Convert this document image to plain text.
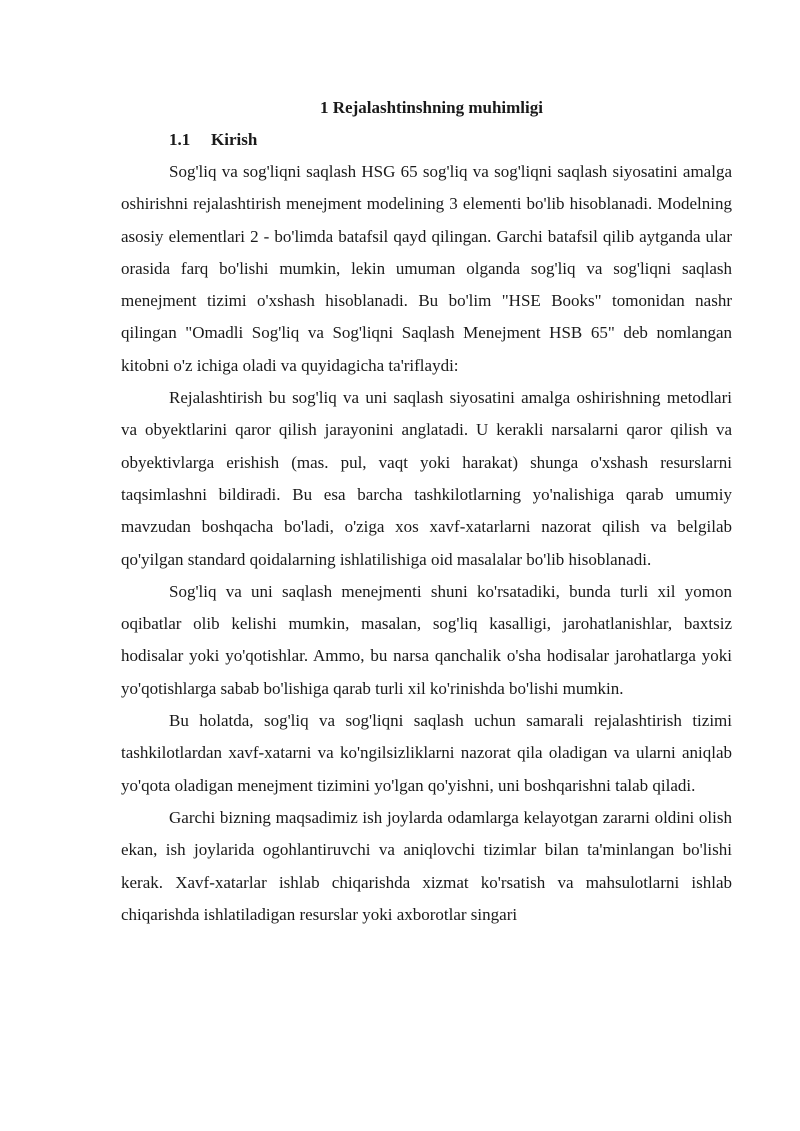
1 Rejalashtinshning muhimligi
1.1 Kirish

Sog'liq va sog'liqni saqlash HSG 65 sog'liq va sog'liqni saqlash siyosatini amalga oshirishni rejalashtirish menejment modelining 3 elementi bo'lib hisoblanadi. Modelning asosiy elementlari 2 - bo'limda batafsil qayd qilingan. Garchi batafsil qilib aytganda ular orasida farq bo'lishi mumkin, lekin umuman olganda sog'liq va sog'liqni saqlash menejment tizimi o'xshash hisoblanadi. Bu bo'lim "HSE Books" tomonidan nashr qilingan "Omadli Sog'liq va Sog'liqni Saqlash Menejment HSB 65" deb nomlangan kitobni o'z ichiga oladi va quyidagicha ta'riflaydi:

Rejalashtirish bu sog'liq va uni saqlash siyosatini amalga oshirishning metodlari va obyektlarini qaror qilish jarayonini anglatadi. U kerakli narsalarni qaror qilish va obyektivlarga erishish (mas. pul, vaqt yoki harakat) shunga o'xshash resurslarni taqsimlashni bildiradi. Bu esa barcha tashkilotlarning yo'nalishiga qarab umumiy mavzudan boshqacha bo'ladi, o'ziga xos xavf-xatarlarni nazorat qilish va belgilab qo'yilgan standard qoidalarning ishlatilishiga oid masalalar bo'lib hisoblanadi.

Sog'liq va uni saqlash menejmenti shuni ko'rsatadiki, bunda turli xil yomon oqibatlar olib kelishi mumkin, masalan, sog'liq kasalligi, jarohatlanishlar, baxtsiz hodisalar yoki yo'qotishlar. Ammo, bu narsa qanchalik o'sha hodisalar jarohatlarga yoki yo'qotishlarga sabab bo'lishiga qarab turli xil ko'rinishda bo'lishi mumkin.

Bu holatda, sog'liq va sog'liqni saqlash uchun samarali rejalashtirish tizimi tashkilotlardan xavf-xatarni va ko'ngilsizliklarni nazorat qila oladigan va ularni aniqlab yo'qota oladigan menejment tizimini yo'lgan qo'yishni, uni boshqarishni talab qiladi.

Garchi bizning maqsadimiz ish joylarda odamlarga kelayotgan zararni oldini olish ekan, ish joylarida ogohlantiruvchi va aniqlovchi tizimlar bilan ta'minlangan bo'lishi kerak. Xavf-xatarlar ishlab chiqarishda xizmat ko'rsatish va mahsulotlarni ishlab chiqarishda ishlatiladigan resurslar yoki axborotlar singari
